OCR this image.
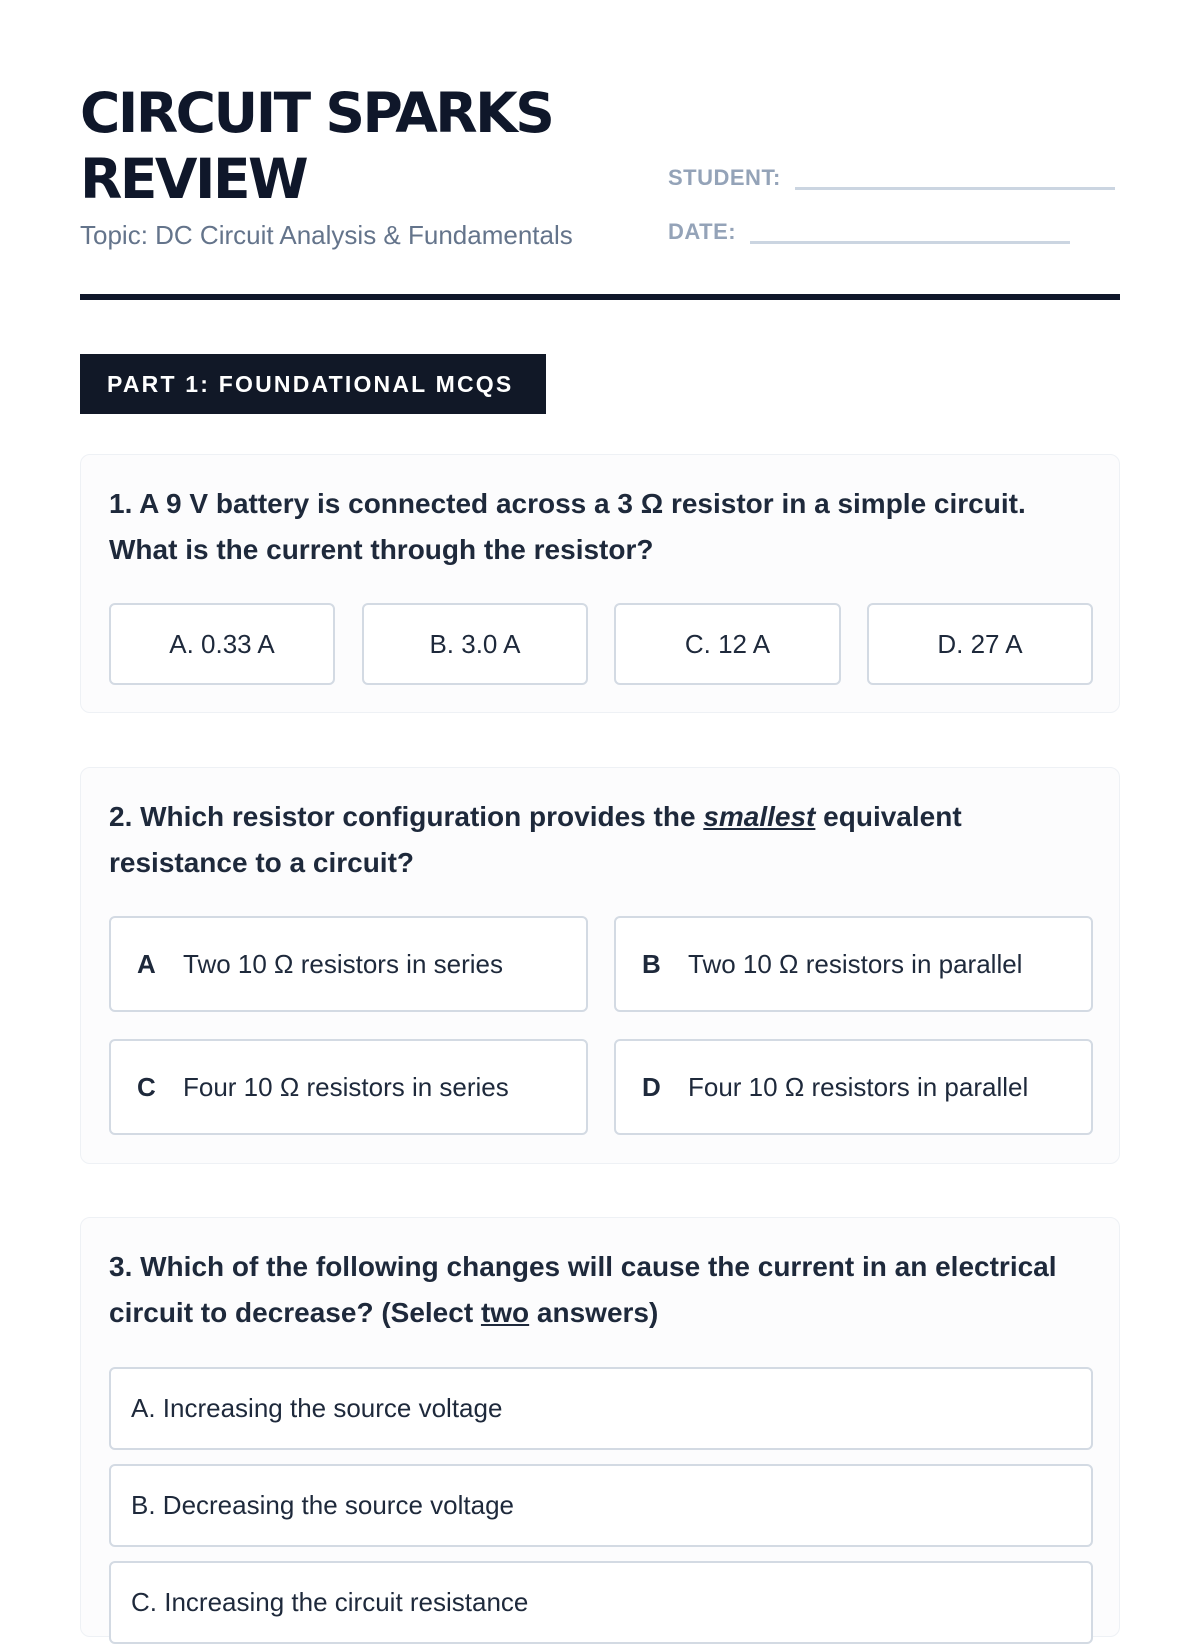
CIRCUIT SPARKS
REVIEW
Topic: DC Circuit Analysis & Fundamentals
STUDENT:
DATE:
PART 1: FOUNDATIONAL MCQS
1. A 9 V battery is connected across a 3 Ω resistor in a simple circuit. What is the current through the resistor?
A. 0.33 A	B. 3.0 A	C. 12 A	D. 27 A
2. Which resistor configuration provides the smallest equivalent resistance to a circuit?
A	Two 10 Ω resistors in series	B	Two 10 Ω resistors in parallel
C	Four 10 Ω resistors in series	D	Four 10 Ω resistors in parallel
3. Which of the following changes will cause the current in an electrical circuit to decrease? (Select two answers)
A. Increasing the source voltage
B. Decreasing the source voltage
C. Increasing the circuit resistance
